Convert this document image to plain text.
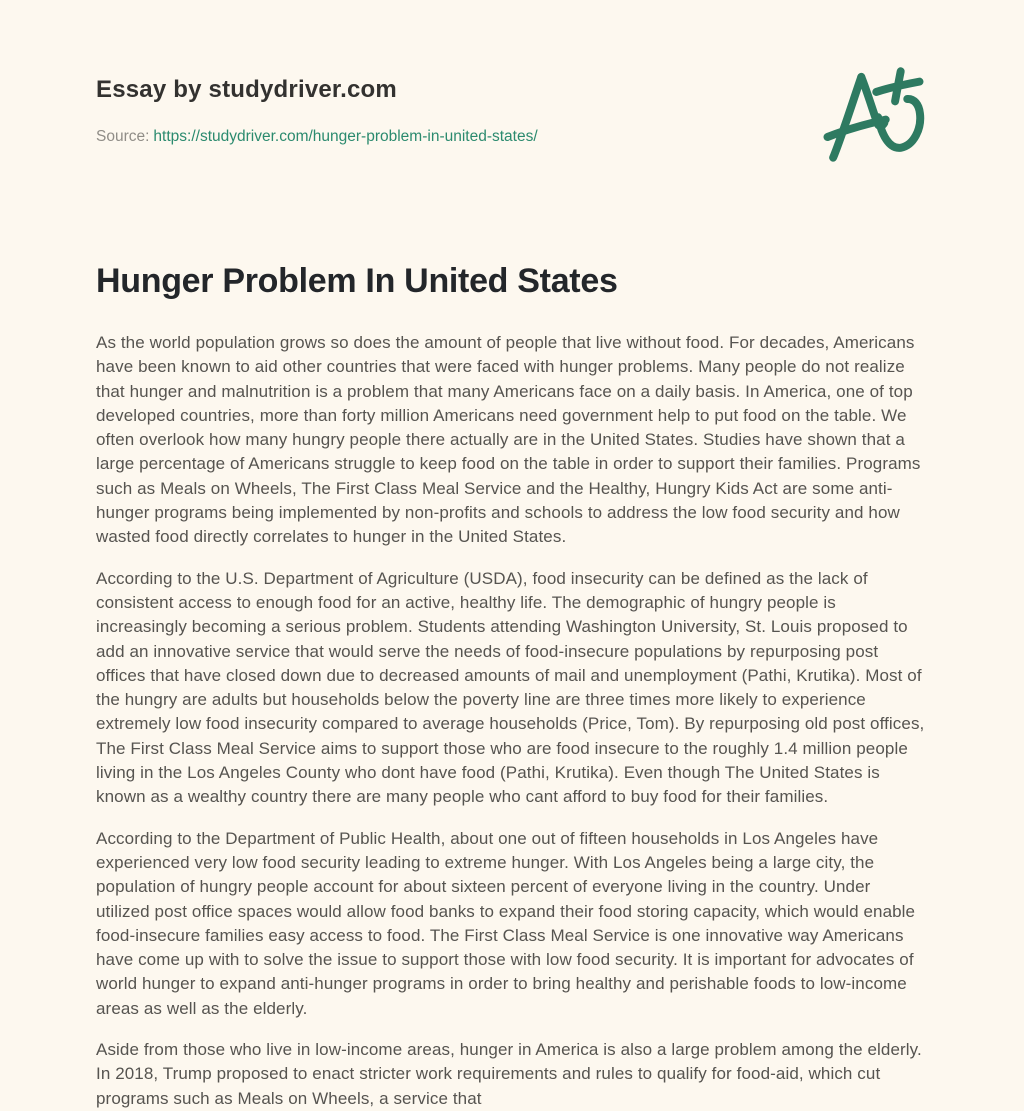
Essay by studydriver.com
Source: https://studydriver.com/hunger-problem-in-united-states/
Hunger Problem In United States

As the world population grows so does the amount of people that live without food. For decades, Americans have been known to aid other countries that were faced with hunger problems. Many people do not realize that hunger and malnutrition is a problem that many Americans face on a daily basis. In America, one of top developed countries, more than forty million Americans need government help to put food on the table. We often overlook how many hungry people there actually are in the United States. Studies have shown that a large percentage of Americans struggle to keep food on the table in order to support their families. Programs such as Meals on Wheels, The First Class Meal Service and the Healthy, Hungry Kids Act are some anti-hunger programs being implemented by non-profits and schools to address the low food security and how wasted food directly correlates to hunger in the United States.

According to the U.S. Department of Agriculture (USDA), food insecurity can be defined as the lack of consistent access to enough food for an active, healthy life. The demographic of hungry people is increasingly becoming a serious problem. Students attending Washington University, St. Louis proposed to add an innovative service that would serve the needs of food-insecure populations by repurposing post offices that have closed down due to decreased amounts of mail and unemployment (Pathi, Krutika). Most of the hungry are adults but households below the poverty line are three times more likely to experience extremely low food insecurity compared to average households (Price, Tom). By repurposing old post offices, The First Class Meal Service aims to support those who are food insecure to the roughly 1.4 million people living in the Los Angeles County who dont have food (Pathi, Krutika). Even though The United States is known as a wealthy country there are many people who cant afford to buy food for their families.

According to the Department of Public Health, about one out of fifteen households in Los Angeles have experienced very low food security leading to extreme hunger. With Los Angeles being a large city, the population of hungry people account for about sixteen percent of everyone living in the country. Under utilized post office spaces would allow food banks to expand their food storing capacity, which would enable food-insecure families easy access to food. The First Class Meal Service is one innovative way Americans have come up with to solve the issue to support those with low food security. It is important for advocates of world hunger to expand anti-hunger programs in order to bring healthy and perishable foods to low-income areas as well as the elderly.

Aside from those who live in low-income areas, hunger in America is also a large problem among the elderly. In 2018, Trump proposed to enact stricter work requirements and rules to qualify for food-aid, which cut programs such as Meals on Wheels, a service that
